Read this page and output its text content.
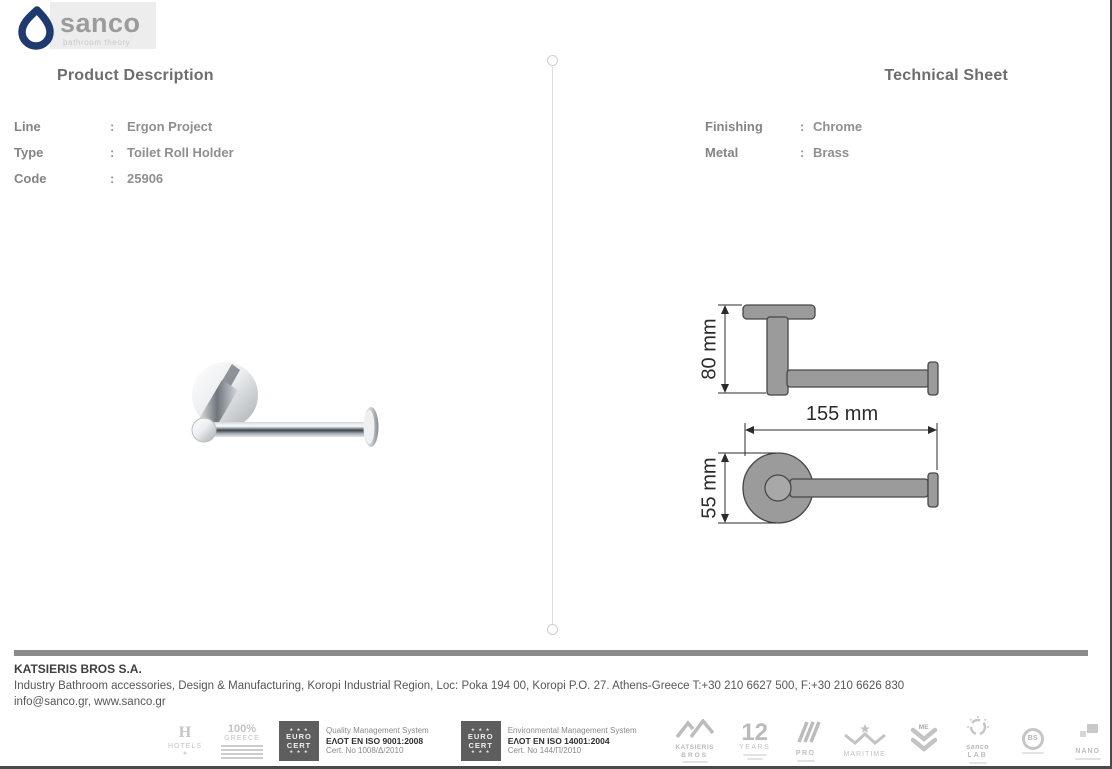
sanco
bathroom theory
Product Description	Technical Sheet
Line	: Ergon Project
Type	: Toilet Roll Holder
Code	: 25906
Finishing	: Chrome
Metal	: Brass
80 mm
155 mm
55 mm
KATSIERIS BROS S.A.
Industry Bathroom accessories, Design & Manufacturing, Koropi Industrial Region, Loc: Poka 194 00, Koropi P.O. 27. Athens-Greece T:+30 210 6627 500, F:+30 210 6626 830
info@sanco.gr, www.sanco.gr
H
HOTELS
★
100%
GREECE
★ ★ ★
EURO
CERT
★ ★ ★
Quality Management System
ΕΛΟΤ EN ISO 9001:2008
Cert. No 1008/Δ/2010
★ ★ ★
EURO
CERT
★ ★ ★
Environmental Management System
ΕΛΟΤ EN ISO 14001:2004
Cert. No 144/Π/2010	KATSIERIS
BROS
12
YEARS
PRO	MARITIME
ME
sanco
LAB
BS
NANO
